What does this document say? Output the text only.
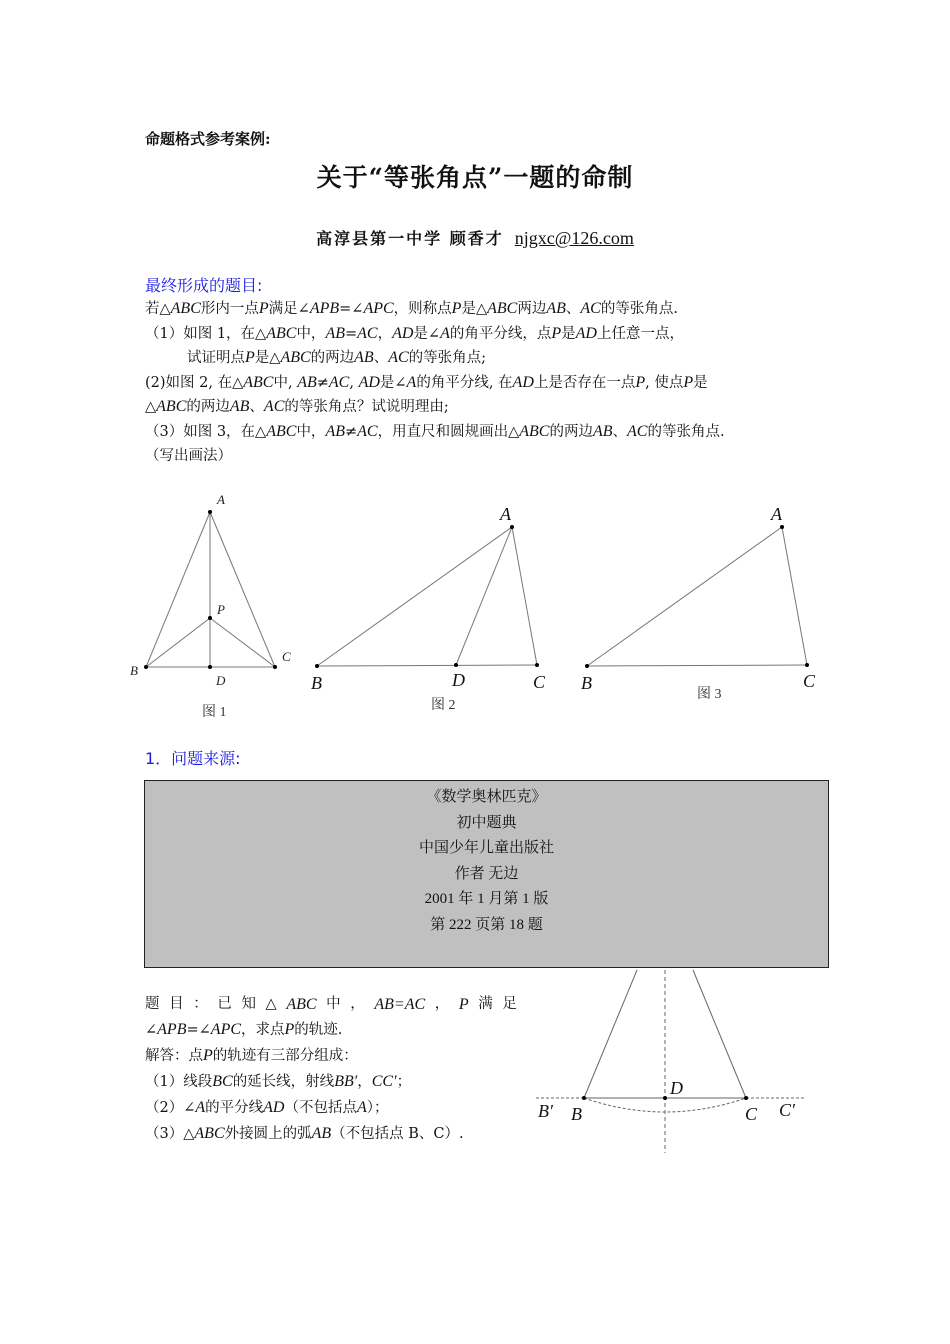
命题格式参考案例:
关于“等张角点”一题的命制
高淳县第一中学 顾香才 njgxc@126.com
最终形成的题目:
若△ABC形内一点P满足∠APB=∠APC，则称点P是△ABC两边AB、AC的等张角点.
（1）如图 1，在△ABC中，AB=AC，AD是∠A的角平分线，点P是AD上任意一点，
试证明点P是△ABC的两边AB、AC的等张角点;
(2)如图 2, 在△ABC中, AB≠AC, AD是∠A的角平分线, 在AD上是否存在一点P, 使点P是
△ABC的两边AB、AC的等张角点？试说明理由;
（3）如图 3，在△ABC中，AB≠AC，用直尺和圆规画出△ABC的两边AB、AC的等张角点.
（写出画法）
A
P
B
C
D
图 1
A
B	D	C
图 2
A
B	C
图 3
1．问题来源:
《数学奥林匹克》
初中题典
中国少年儿童出版社
作者 无边
2001 年 1 月第 1 版
第 222 页第 18 题
D
B′ B	C C′
题 目 ： 已 知 △ ABC 中 ， AB=AC ， P 满 足
∠APB=∠APC，求点P的轨迹.
解答：点P的轨迹有三部分组成：
（1）线段BC的延长线，射线BB′，CC′；
（2）∠A的平分线AD（不包括点A）；
（3）△ABC外接圆上的弧AB（不包括点 B、C）.
